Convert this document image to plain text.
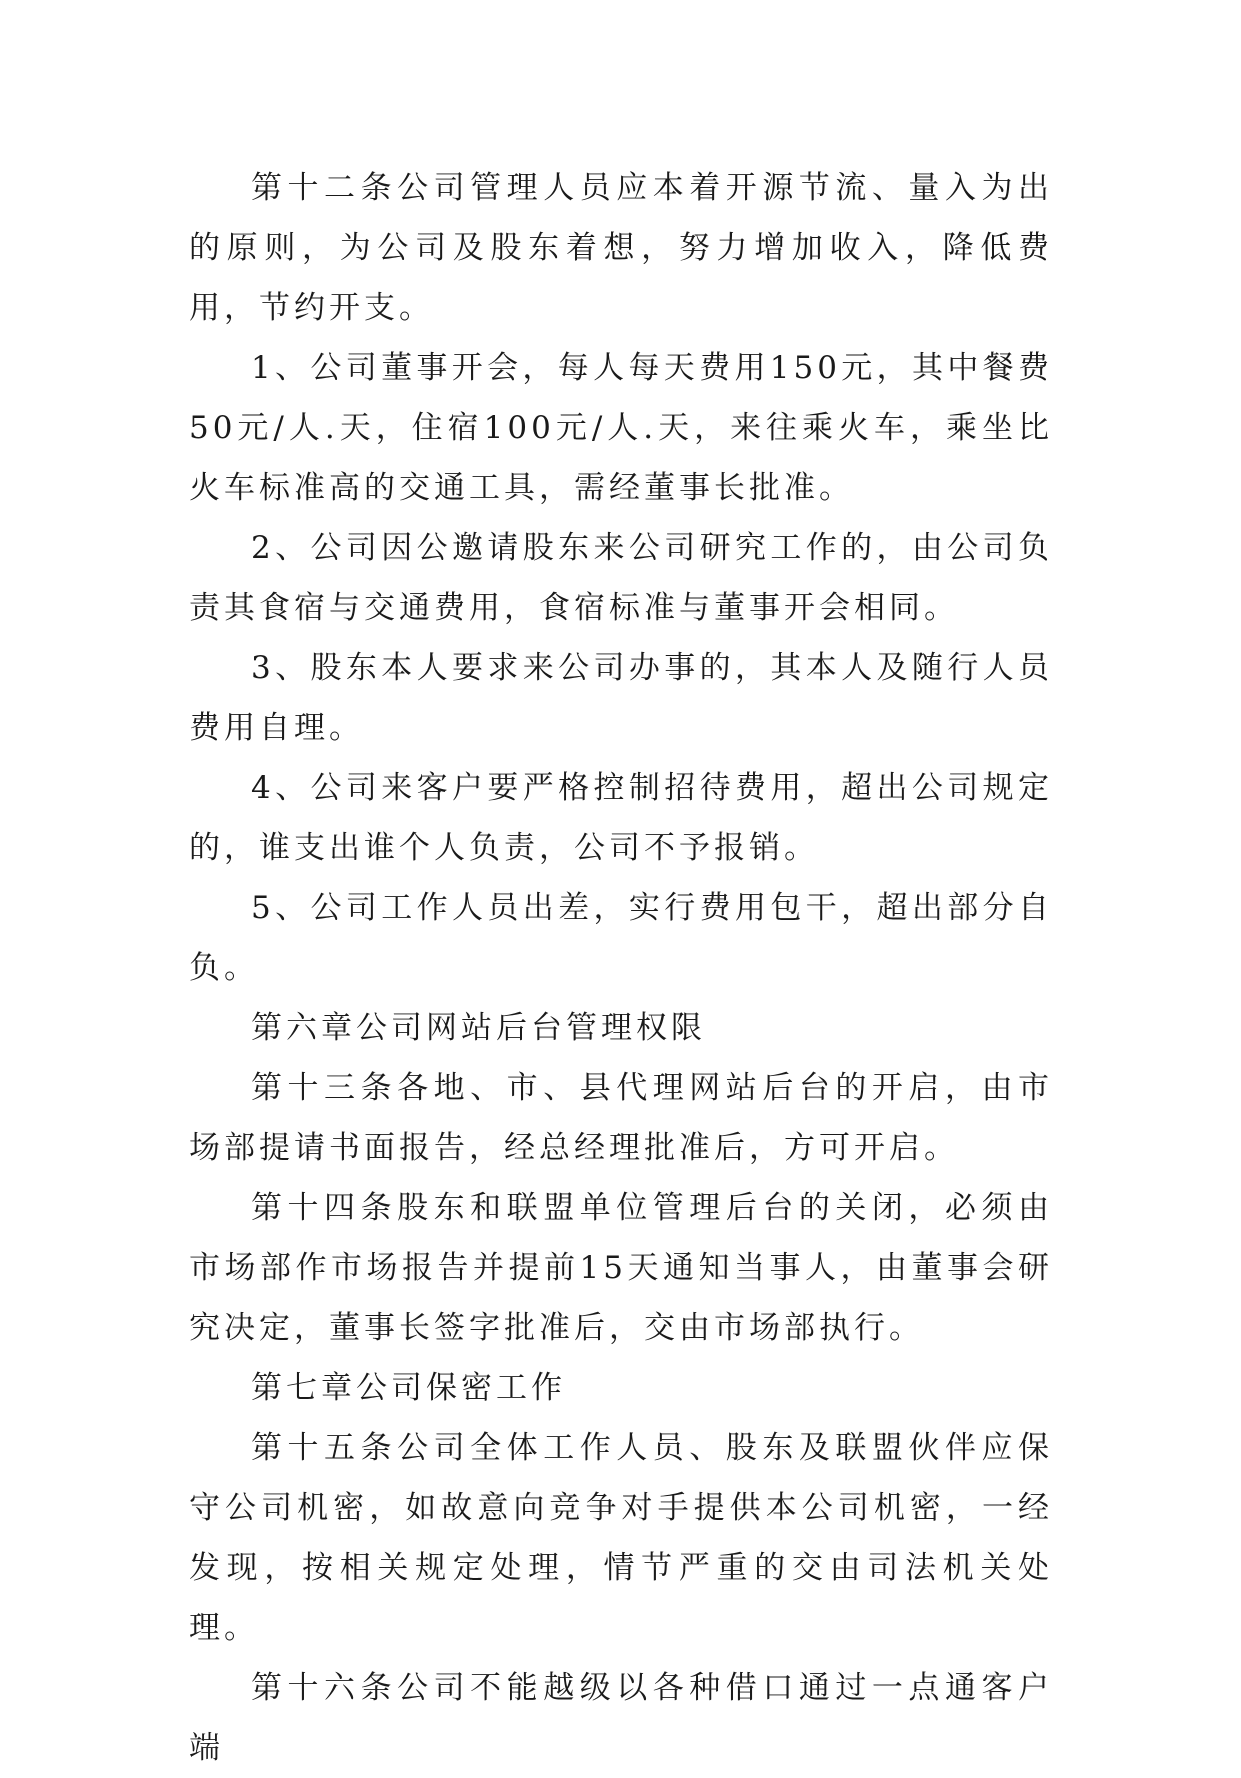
第十二条公司管理人员应本着开源节流、量入为出的原则，为公司及股东着想，努力增加收入，降低费用，节约开支。

1、公司董事开会，每人每天费用150元，其中餐费50元/人.天，住宿100元/人.天，来往乘火车，乘坐比火车标准高的交通工具，需经董事长批准。

2、公司因公邀请股东来公司研究工作的，由公司负责其食宿与交通费用，食宿标准与董事开会相同。

3、股东本人要求来公司办事的，其本人及随行人员费用自理。

4、公司来客户要严格控制招待费用，超出公司规定的，谁支出谁个人负责，公司不予报销。

5、公司工作人员出差，实行费用包干，超出部分自负。

第六章公司网站后台管理权限

第十三条各地、市、县代理网站后台的开启，由市场部提请书面报告，经总经理批准后，方可开启。

第十四条股东和联盟单位管理后台的关闭，必须由市场部作市场报告并提前15天通知当事人，由董事会研究决定，董事长签字批准后，交由市场部执行。

第七章公司保密工作

第十五条公司全体工作人员、股东及联盟伙伴应保守公司机密，如故意向竞争对手提供本公司机密，一经发现，按相关规定处理，情节严重的交由司法机关处理。

第十六条公司不能越级以各种借口通过一点通客户端
